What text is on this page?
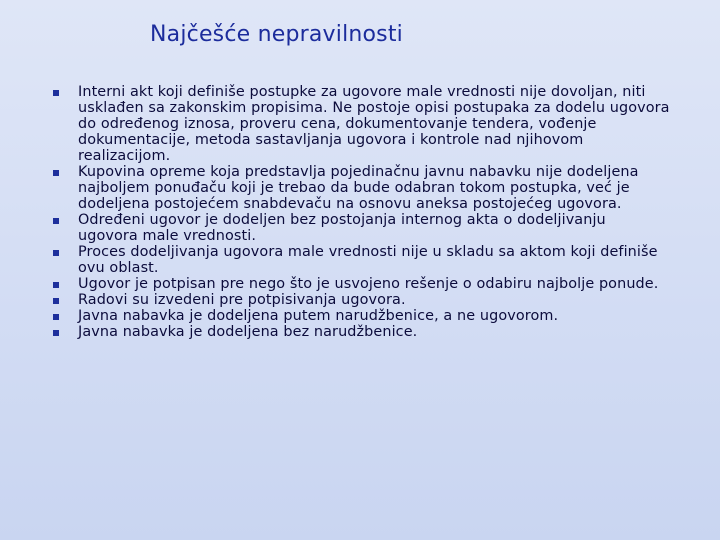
Najčešće nepravilnosti
Interni akt koji definiše postupke za ugovore male vrednosti nije dovoljan, niti usklađen sa zakonskim propisima. Ne postoje opisi postupaka za dodelu ugovora do određenog iznosa, proveru cena, dokumentovanje tendera, vođenje dokumentacije, metoda sastavljanja ugovora i kontrole nad njihovom realizacijom.
Kupovina opreme koja predstavlja pojedinačnu javnu nabavku nije dodeljena najboljem ponuđaču koji je trebao da bude odabran tokom postupka, već je dodeljena postojećem snabdevaču na osnovu aneksa postojećeg ugovora.
Određeni ugovor je dodeljen bez postojanja internog akta o dodeljivanju ugovora male vrednosti.
Proces dodeljivanja ugovora male vrednosti nije u skladu sa aktom koji definiše ovu oblast.
Ugovor je potpisan pre nego što je usvojeno rešenje o odabiru najbolje ponude.
Radovi su izvedeni pre potpisivanja ugovora.
Javna nabavka je dodeljena putem narudžbenice, a ne ugovorom.
Javna nabavka je dodeljena bez narudžbenice.
